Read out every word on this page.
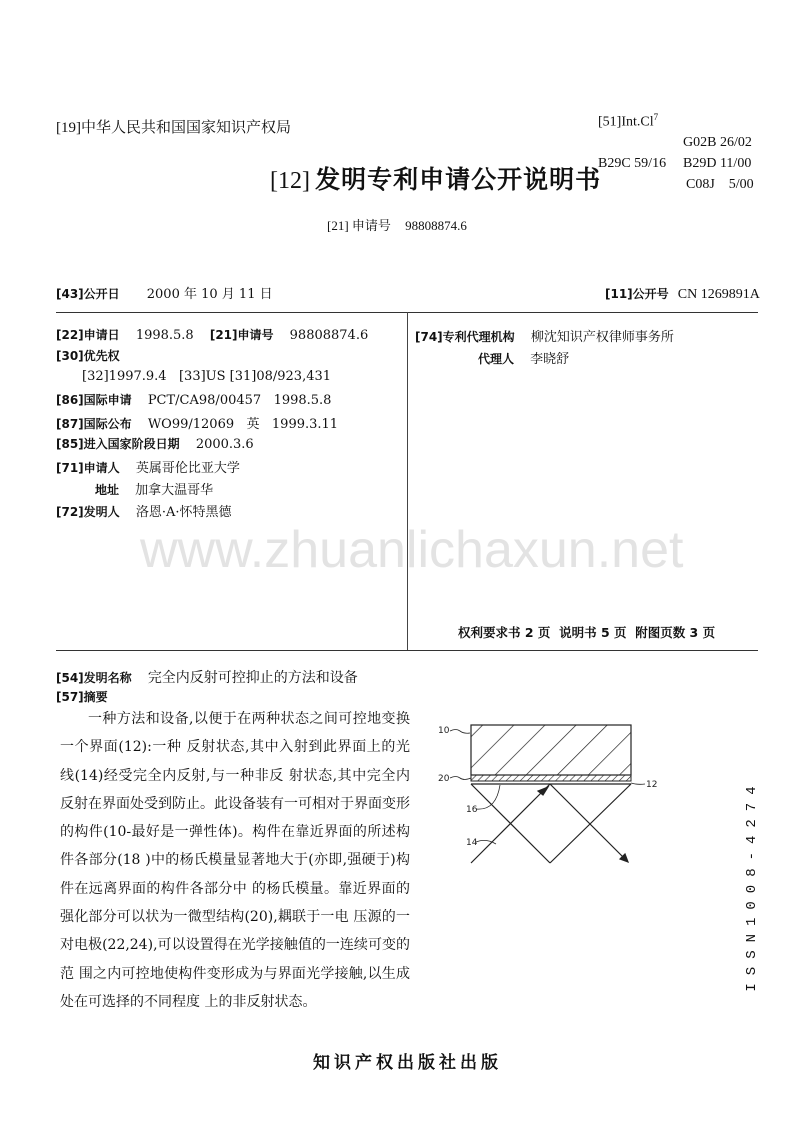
[19]中华人民共和国国家知识产权局
[12] 发明专利申请公开说明书
[21] 申请号 98808874.6
[51]Int.Cl$^7$
G02B 26/02
B29C 59/16 B29D 11/00
C08J    5/00
[43]公开日 2000 年 10 月 11 日	[11]公开号 CN 1269891A
[22]申请日 1998.5.8 [21]申请号 98808874.6
[30]优先权
[32]1997.9.4   [33]US [31]08/923,431
[86]国际申请 PCT/CA98/00457   1998.5.8
[87]国际公布 WO99/12069   英   1999.3.11
[85]进入国家阶段日期 2000.3.6
[71]申请人 英属哥伦比亚大学
地址 加拿大温哥华
[72]发明人 洛恩·A·怀特黑德
[74]专利代理机构 柳沈知识产权律师事务所
代理人 李晓舒
www.zhuanlichaxun.net
权利要求书 2 页  说明书 5 页  附图页数 3 页
[54]发明名称 完全内反射可控抑止的方法和设备
[57]摘要

一种方法和设备,以便于在两种状态之间可控地变换一个界面(12):一种 反射状态,其中入射到此界面上的光线(14)经受完全内反射,与一种非反 射状态,其中完全内反射在界面处受到防止。此设备装有一可相对于界面变形 的构件(10-最好是一弹性体)。构件在靠近界面的所述构件各部分(18 )中的杨氏模量显著地大于(亦即,强硬于)构件在远离界面的构件各部分中 的杨氏模量。靠近界面的强化部分可以状为一微型结构(20),耦联于一电 压源的一对电极(22,24),可以设置得在光学接触值的一连续可变的范 围之内可控地使构件变形成为与界面光学接触,以生成处在可选择的不同程度 上的非反射状态。

10
20
12
16
14	ISSN1008-4274
知识产权出版社出版
